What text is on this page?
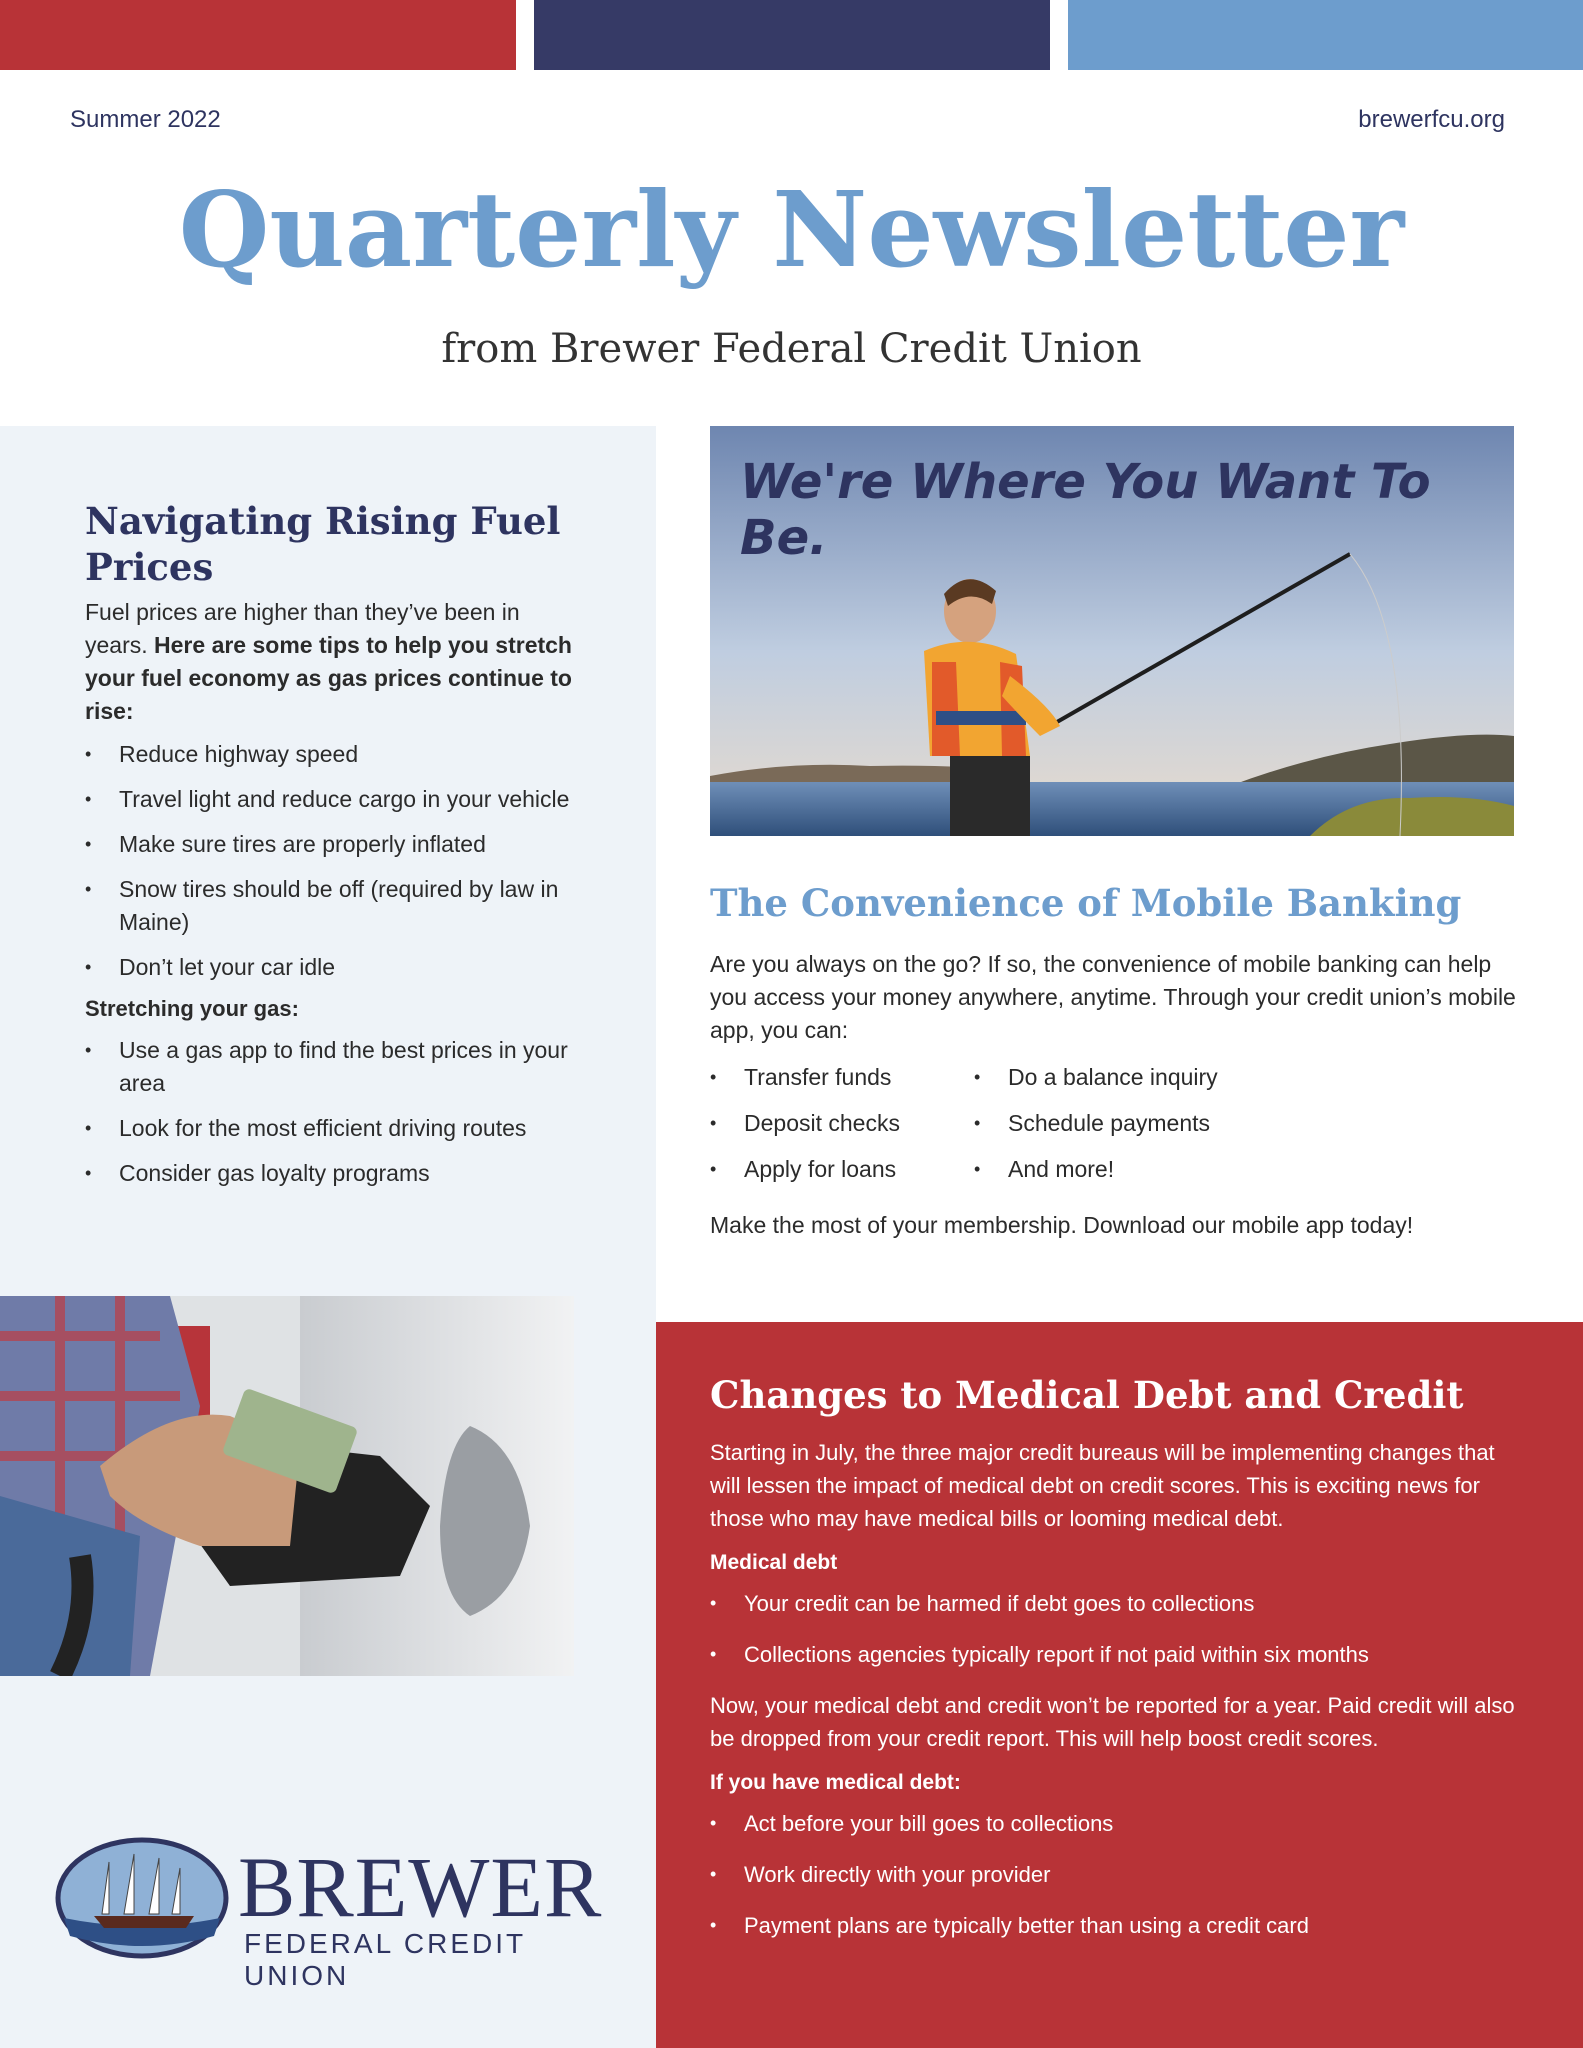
Summer 2022	brewerfcu.org
Quarterly Newsletter
from Brewer Federal Credit Union
Navigating Rising Fuel Prices

Fuel prices are higher than they’ve been in years. Here are some tips to help you stretch your fuel economy as gas prices continue to rise:

• Reduce highway speed
• Travel light and reduce cargo in your vehicle
• Make sure tires are properly inflated
• Snow tires should be off (required by law in Maine)
• Don’t let your car idle
Stretching your gas:
• Use a gas app to find the best prices in your area
• Look for the most efficient driving routes
• Consider gas loyalty programs
BREWER
FEDERAL CREDIT UNION
We're Where You Want To Be.
The Convenience of Mobile Banking

Are you always on the go? If so, the convenience of mobile banking can help you access your money anywhere, anytime. Through your credit union’s mobile app, you can:

• Transfer funds
• Deposit checks
• Apply for loans
• Do a balance inquiry
• Schedule payments
• And more!

Make the most of your membership. Download our mobile app today!

Changes to Medical Debt and Credit

Starting in July, the three major credit bureaus will be implementing changes that will lessen the impact of medical debt on credit scores. This is exciting news for those who may have medical bills or looming medical debt.

Medical debt
• Your credit can be harmed if debt goes to collections
• Collections agencies typically report if not paid within six months

Now, your medical debt and credit won’t be reported for a year. Paid credit will also be dropped from your credit report. This will help boost credit scores.

If you have medical debt:
• Act before your bill goes to collections
• Work directly with your provider
• Payment plans are typically better than using a credit card
